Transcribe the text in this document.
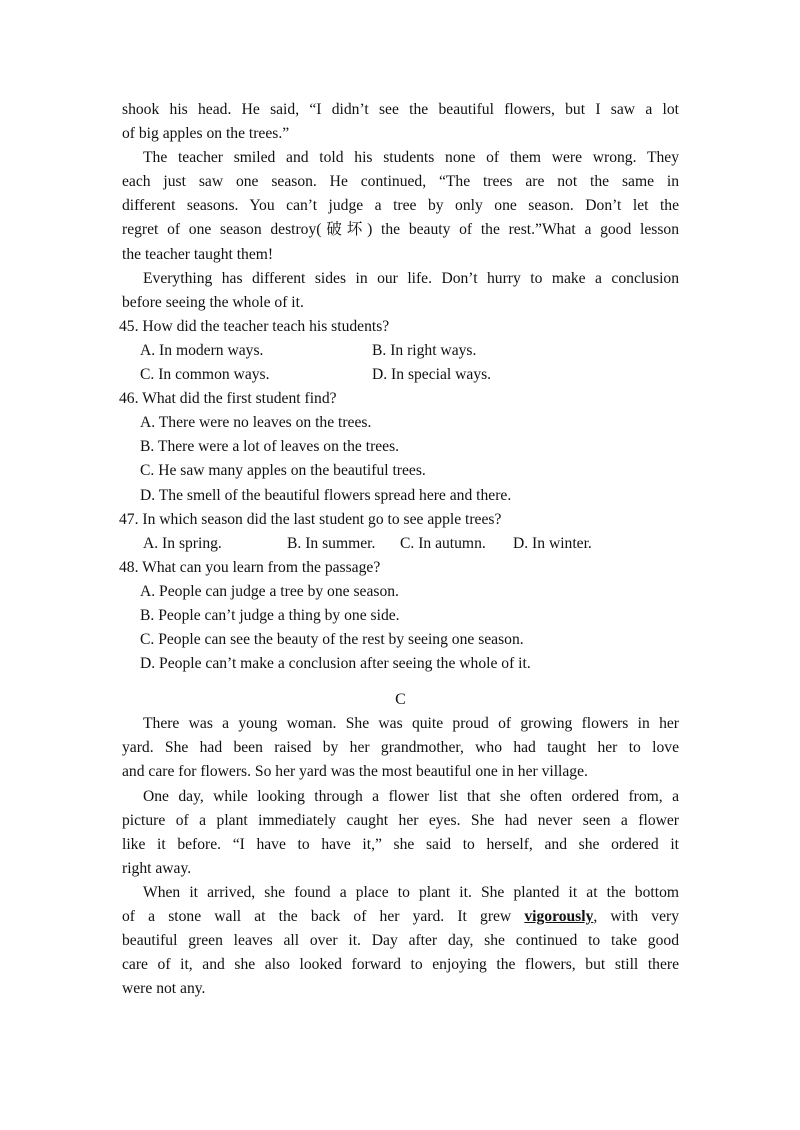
shook his head. He said, “I didn’t see the beautiful flowers, but I saw a lot
of big apples on the trees.”
The teacher smiled and told his students none of them were wrong. They
each just saw one season. He continued, “The trees are not the same in
different seasons. You can’t judge a tree by only one season. Don’t let the
regret of one season destroy(破坏) the beauty of the rest.”What a good lesson
the teacher taught them!
Everything has different sides in our life. Don’t hurry to make a conclusion
before seeing the whole of it.
45. How did the teacher teach his students?
A. In modern ways.	B. In right ways.
C. In common ways.	D. In special ways.
46. What did the first student find?
A. There were no leaves on the trees.
B. There were a lot of leaves on the trees.
C. He saw many apples on the beautiful trees.
D. The smell of the beautiful flowers spread here and there.
47. In which season did the last student go to see apple trees?
A. In spring.	B. In summer. C. In autumn. D. In winter.
48. What can you learn from the passage?
A. People can judge a tree by one season.
B. People can’t judge a thing by one side.
C. People can see the beauty of the rest by seeing one season.
D. People can’t make a conclusion after seeing the whole of it.
C
There was a young woman. She was quite proud of growing flowers in her
yard. She had been raised by her grandmother, who had taught her to love
and care for flowers. So her yard was the most beautiful one in her village.
One day, while looking through a flower list that she often ordered from, a
picture of a plant immediately caught her eyes. She had never seen a flower
like it before. “I have to have it,” she said to herself, and she ordered it
right away.
When it arrived, she found a place to plant it. She planted it at the bottom
of a stone wall at the back of her yard. It grew vigorously, with very
beautiful green leaves all over it. Day after day, she continued to take good
care of it, and she also looked forward to enjoying the flowers, but still there
were not any.
